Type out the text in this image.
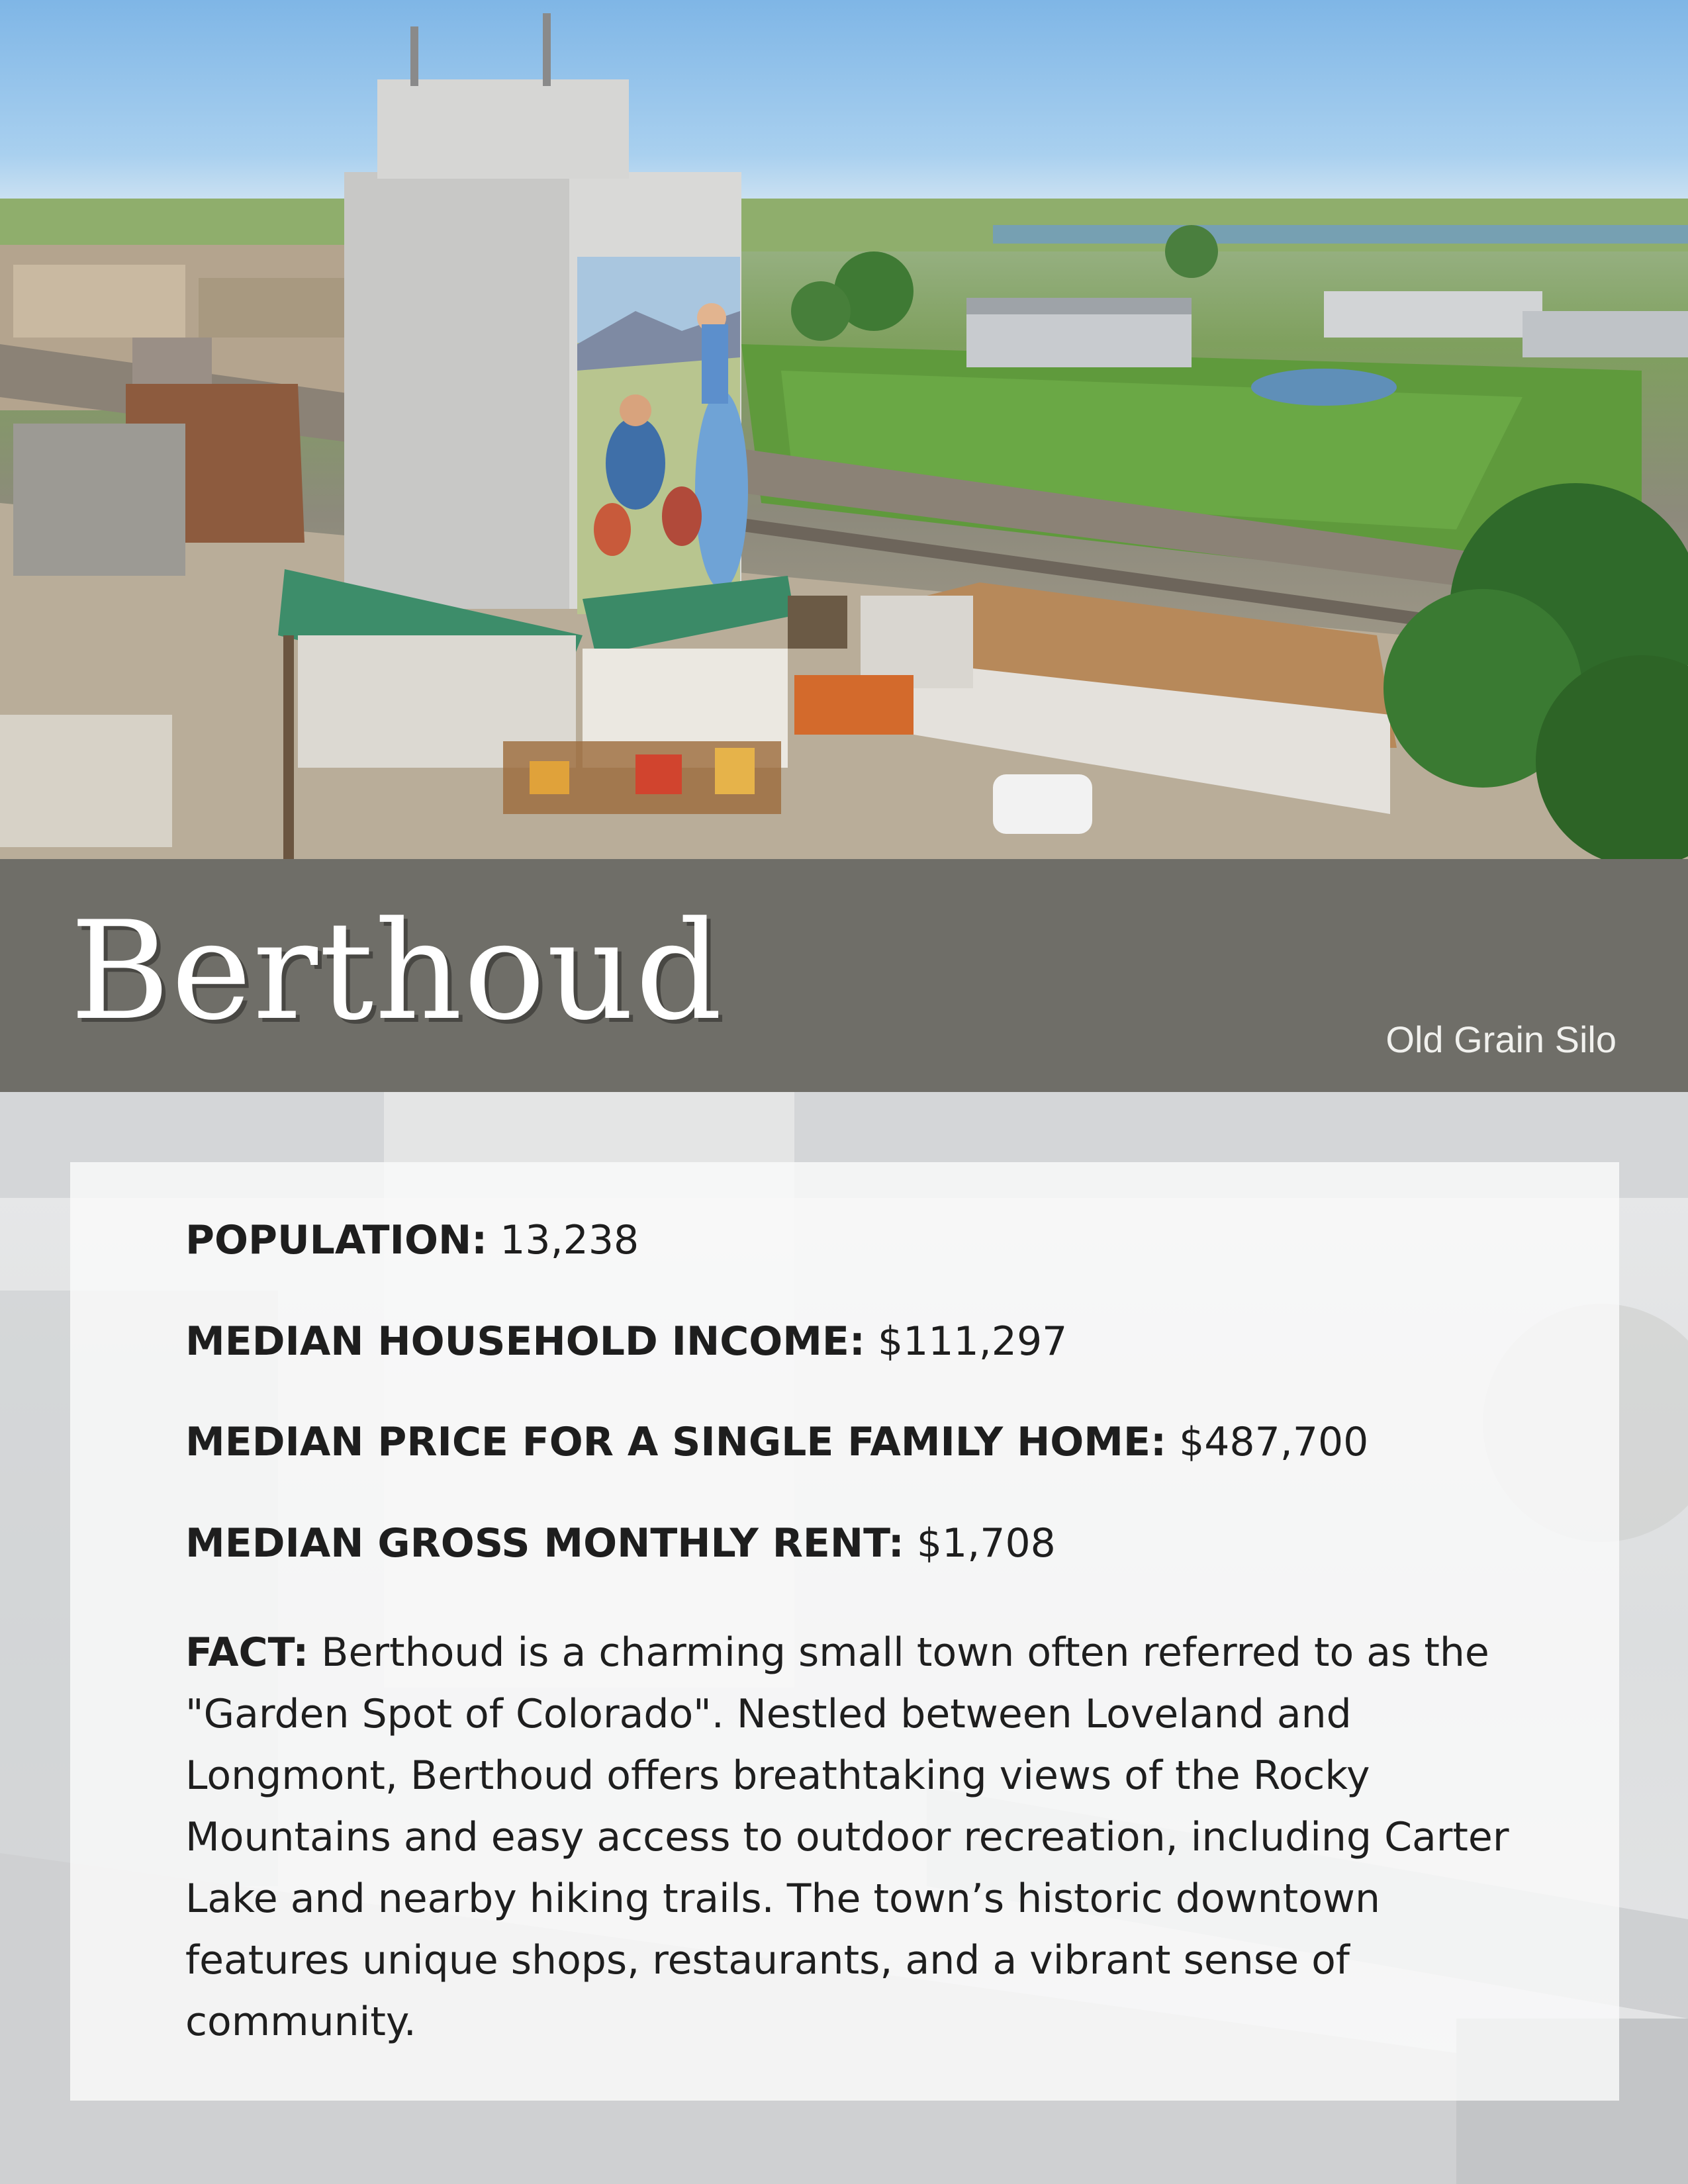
Berthoud	Old Grain Silo

POPULATION: 13,238

MEDIAN HOUSEHOLD INCOME: $111,297

MEDIAN PRICE FOR A SINGLE FAMILY HOME: $487,700

MEDIAN GROSS MONTHLY RENT: $1,708

FACT: Berthoud is a charming small town often referred to as the "Garden Spot of Colorado". Nestled between Loveland and Longmont, Berthoud offers breathtaking views of the Rocky Mountains and easy access to outdoor recreation, including Carter Lake and nearby hiking trails. The town’s historic downtown features unique shops, restaurants, and a vibrant sense of community.
